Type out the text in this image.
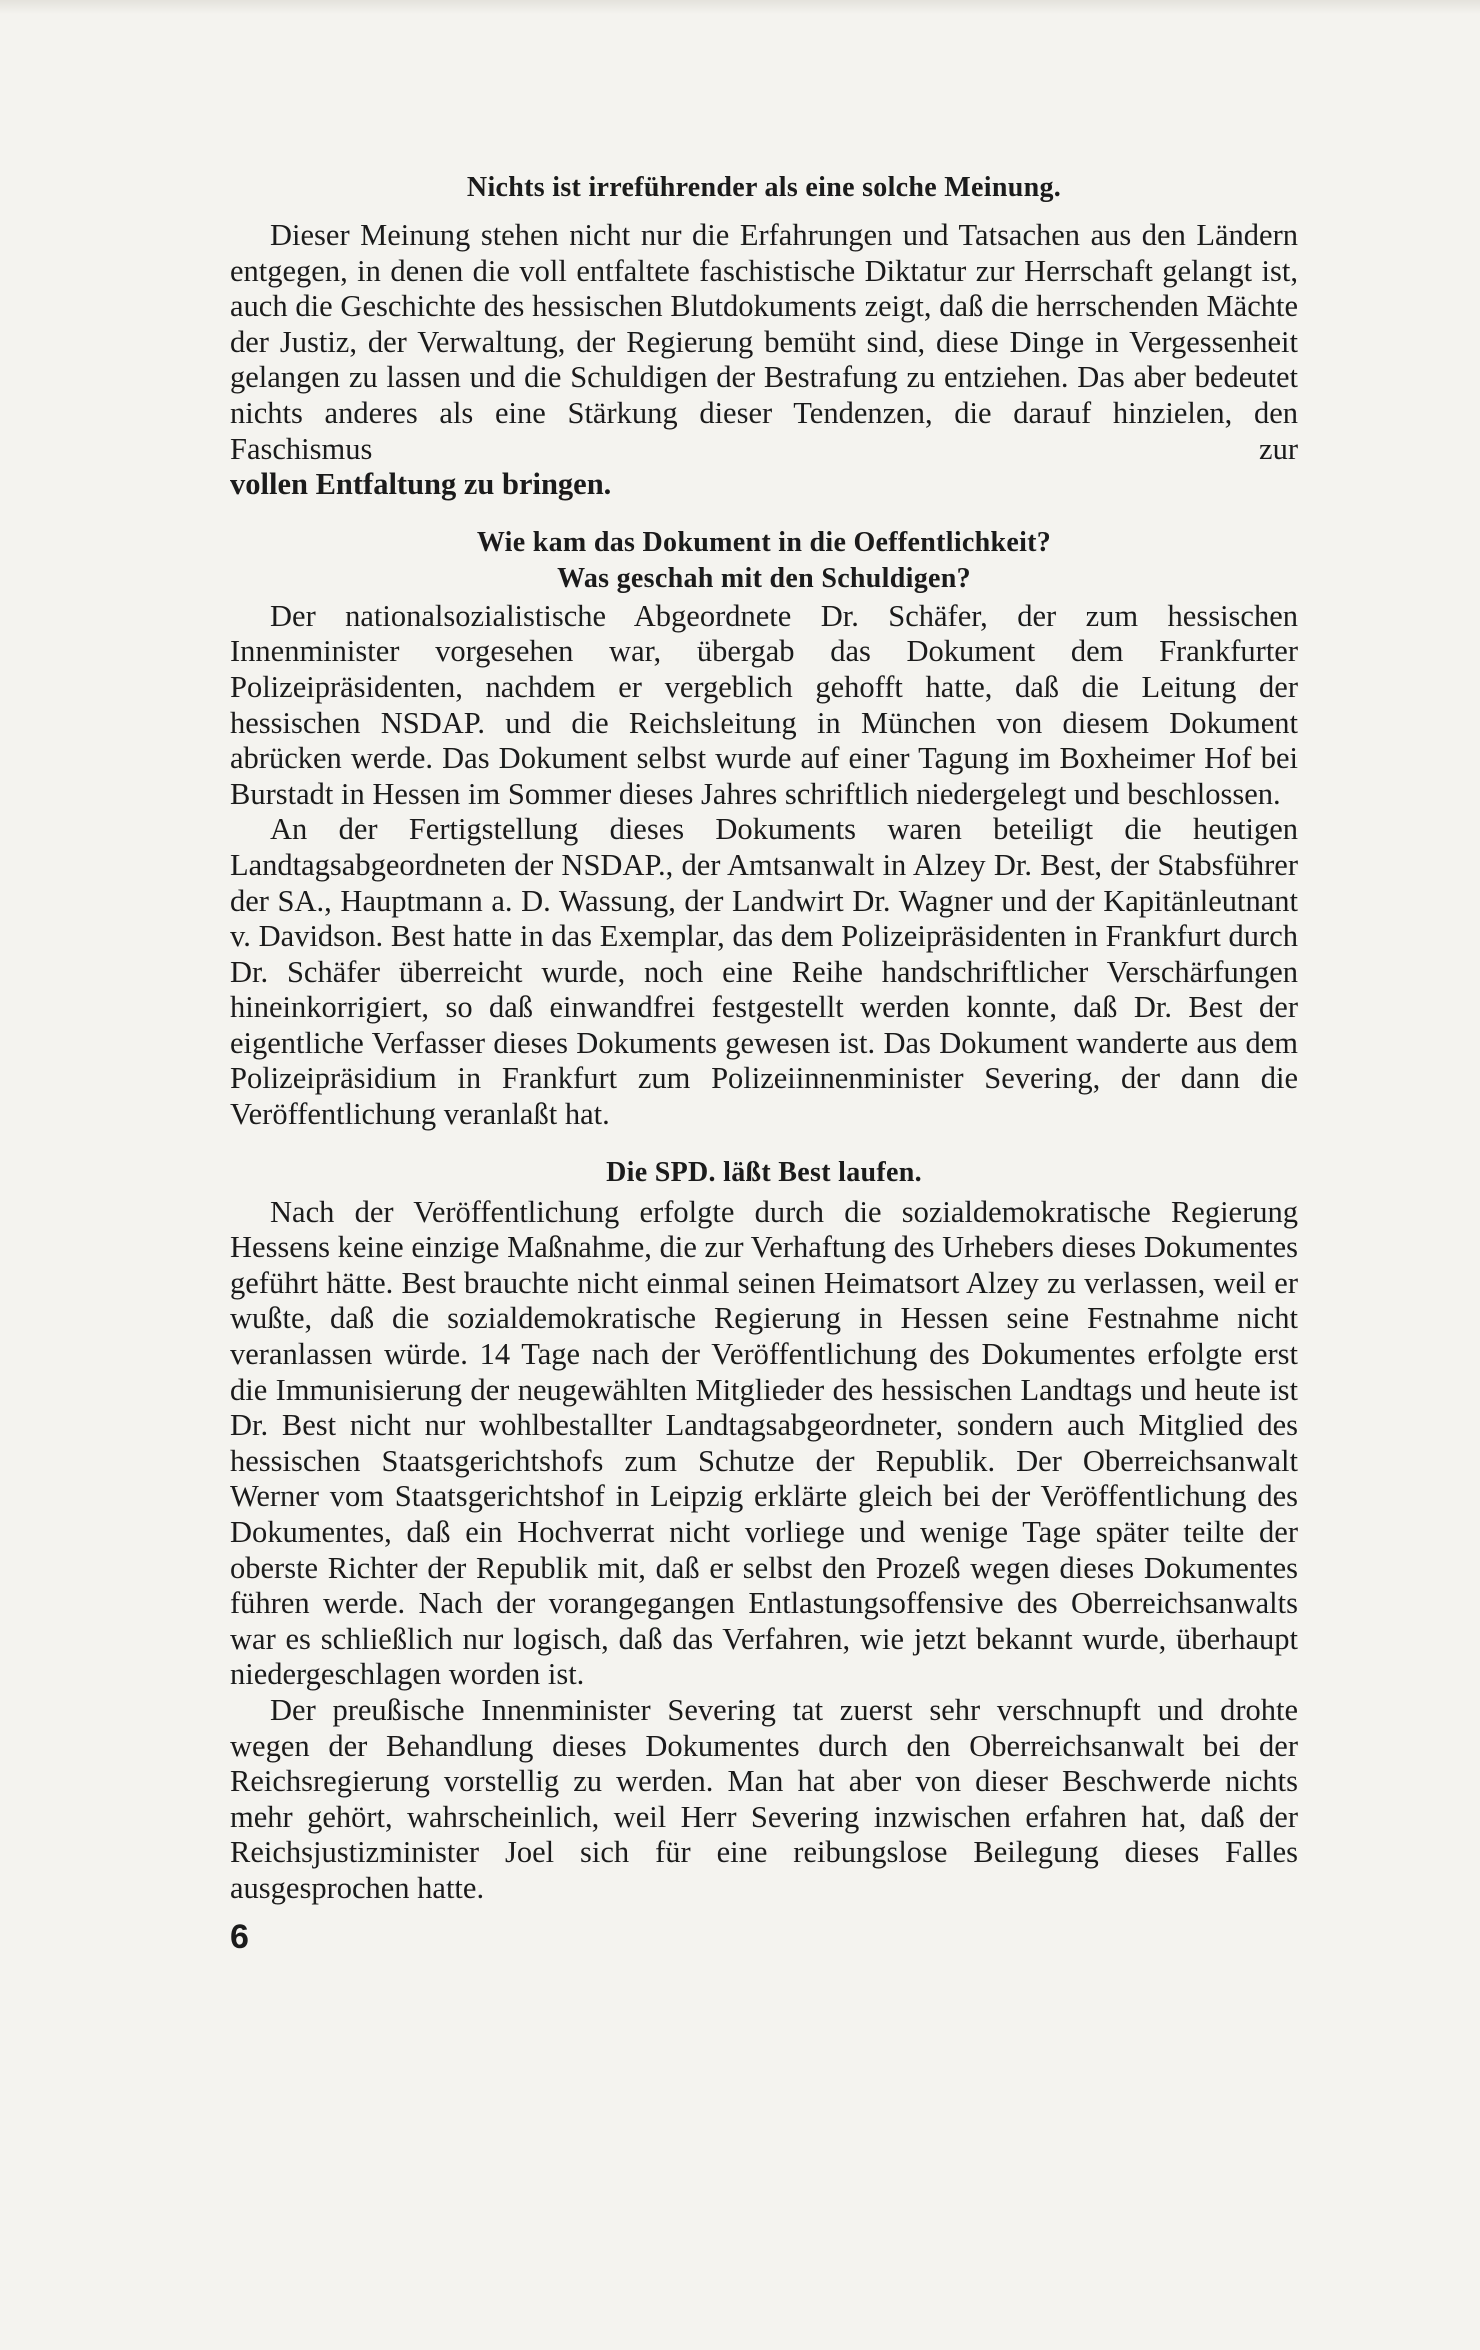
Nichts ist irreführender als eine solche Meinung.

Dieser Meinung stehen nicht nur die Erfahrungen und Tatsachen aus den Ländern entgegen, in denen die voll entfaltete faschistische Diktatur zur Herrschaft gelangt ist, auch die Geschichte des hessischen Blutdokuments zeigt, daß die herrschenden Mächte der Justiz, der Verwaltung, der Regierung bemüht sind, diese Dinge in Vergessenheit gelangen zu lassen und die Schuldigen der Bestrafung zu entziehen. Das aber bedeutet nichts anderes als eine Stärkung dieser Tendenzen, die darauf hinzielen, den Faschismus zur

vollen Entfaltung zu bringen.

Wie kam das Dokument in die Oeffentlichkeit?
Was geschah mit den Schuldigen?

Der nationalsozialistische Abgeordnete Dr. Schäfer, der zum hessischen Innenminister vorgesehen war, übergab das Dokument dem Frankfurter Polizeipräsidenten, nachdem er vergeblich gehofft hatte, daß die Leitung der hessischen NSDAP. und die Reichsleitung in München von diesem Dokument abrücken werde. Das Dokument selbst wurde auf einer Tagung im Boxheimer Hof bei Burstadt in Hessen im Sommer dieses Jahres schriftlich niedergelegt und beschlossen.

An der Fertigstellung dieses Dokuments waren beteiligt die heutigen Landtagsabgeordneten der NSDAP., der Amtsanwalt in Alzey Dr. Best, der Stabsführer der SA., Hauptmann a. D. Wassung, der Landwirt Dr. Wagner und der Kapitänleutnant v. Davidson. Best hatte in das Exemplar, das dem Polizeipräsidenten in Frankfurt durch Dr. Schäfer überreicht wurde, noch eine Reihe handschriftlicher Verschärfungen hineinkorrigiert, so daß einwandfrei festgestellt werden konnte, daß Dr. Best der eigentliche Verfasser dieses Dokuments gewesen ist. Das Dokument wanderte aus dem Polizeipräsidium in Frankfurt zum Polizeiinnenminister Severing, der dann die Veröffentlichung veranlaßt hat.

Die SPD. läßt Best laufen.

Nach der Veröffentlichung erfolgte durch die sozialdemokratische Regierung Hessens keine einzige Maßnahme, die zur Verhaftung des Urhebers dieses Dokumentes geführt hätte. Best brauchte nicht einmal seinen Heimatsort Alzey zu verlassen, weil er wußte, daß die sozialdemokratische Regierung in Hessen seine Festnahme nicht veranlassen würde. 14 Tage nach der Veröffentlichung des Dokumentes erfolgte erst die Immunisierung der neugewählten Mitglieder des hessischen Landtags und heute ist Dr. Best nicht nur wohlbestallter Landtagsabgeordneter, sondern auch Mitglied des hessischen Staatsgerichtshofs zum Schutze der Republik. Der Oberreichsanwalt Werner vom Staatsgerichtshof in Leipzig erklärte gleich bei der Veröffentlichung des Dokumentes, daß ein Hochverrat nicht vorliege und wenige Tage später teilte der oberste Richter der Republik mit, daß er selbst den Prozeß wegen dieses Dokumentes führen werde. Nach der vorangegangen Entlastungsoffensive des Oberreichsanwalts war es schließlich nur logisch, daß das Verfahren, wie jetzt bekannt wurde, überhaupt niedergeschlagen worden ist.

Der preußische Innenminister Severing tat zuerst sehr verschnupft und drohte wegen der Behandlung dieses Dokumentes durch den Oberreichsanwalt bei der Reichsregierung vorstellig zu werden. Man hat aber von dieser Beschwerde nichts mehr gehört, wahrscheinlich, weil Herr Severing inzwischen erfahren hat, daß der Reichsjustizminister Joel sich für eine reibungslose Beilegung dieses Falles ausgesprochen hatte.

6
